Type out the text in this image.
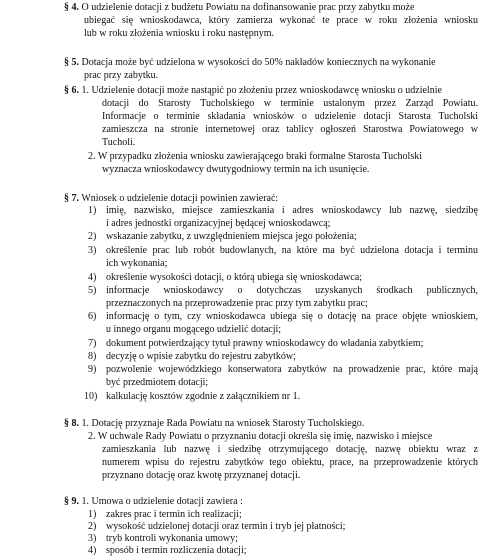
§ 4. O udzielenie dotacji z budżetu Powiatu na dofinansowanie prac przy zabytku może
ubiegać się wnioskodawca, który zamierza wykonać te prace w roku złożenia wniosku
lub w roku złożenia wniosku i roku następnym.
§ 5. Dotacja może być udzielona w wysokości do 50% nakładów koniecznych na wykonanie
prac przy zabytku.
§ 6. 1. Udzielenie dotacji może nastąpić po złożeniu przez wnioskodawcę wniosku o udzielnie
dotacji do Starosty Tucholskiego w terminie ustalonym przez Zarząd Powiatu.
Informacje o terminie składania wniosków o udzielenie dotacji Starosta Tucholski
zamieszcza na stronie internetowej oraz tablicy ogłoszeń Starostwa Powiatowego w
Tucholi.
2. W przypadku złożenia wniosku zawierającego braki formalne Starosta Tucholski
wyznacza wnioskodawcy dwutygodniowy termin na ich usunięcie.
§ 7. Wniosek o udzielenie dotacji powinien zawierać:
1) imię, nazwisko, miejsce zamieszkania i adres wnioskodawcy lub nazwę, siedzibę
i adres jednostki organizacyjnej będącej wnioskodawcą;
2) wskazanie zabytku, z uwzględnieniem miejsca jego położenia;
3) określenie prac lub robót budowlanych, na które ma być udzielona dotacja i terminu
ich wykonania;
4) określenie wysokości dotacji, o którą ubiega się wnioskodawca;
5) informacje wnioskodawcy o dotychczas uzyskanych środkach publicznych,
przeznaczonych na przeprowadzenie prac przy tym zabytku prac;
6) informację o tym, czy wnioskodawca ubiega się o dotację na prace objęte wnioskiem,
u innego organu mogącego udzielić dotacji;
7) dokument potwierdzający tytuł prawny wnioskodawcy do władania zabytkiem;
8) decyzję o wpisie zabytku do rejestru zabytków;
9) pozwolenie wojewódzkiego konserwatora zabytków na prowadzenie prac, które mają
być przedmiotem dotacji;
10) kalkulację kosztów zgodnie z załącznikiem nr 1.
§ 8. 1. Dotację przyznaje Rada Powiatu na wniosek Starosty Tucholskiego.
2. W uchwale Rady Powiatu o przyznaniu dotacji określa się imię, nazwisko i miejsce
zamieszkania lub nazwę i siedzibę otrzymującego dotację, nazwę obiektu wraz z
numerem wpisu do rejestru zabytków tego obiektu, prace, na przeprowadzenie których
przyznano dotację oraz kwotę przyznanej dotacji.
§ 9. 1. Umowa o udzielenie dotacji zawiera :
1) zakres prac i termin ich realizacji;
2) wysokość udzielonej dotacji oraz termin i tryb jej płatności;
3) tryb kontroli wykonania umowy;
4) sposób i termin rozliczenia dotacji;
